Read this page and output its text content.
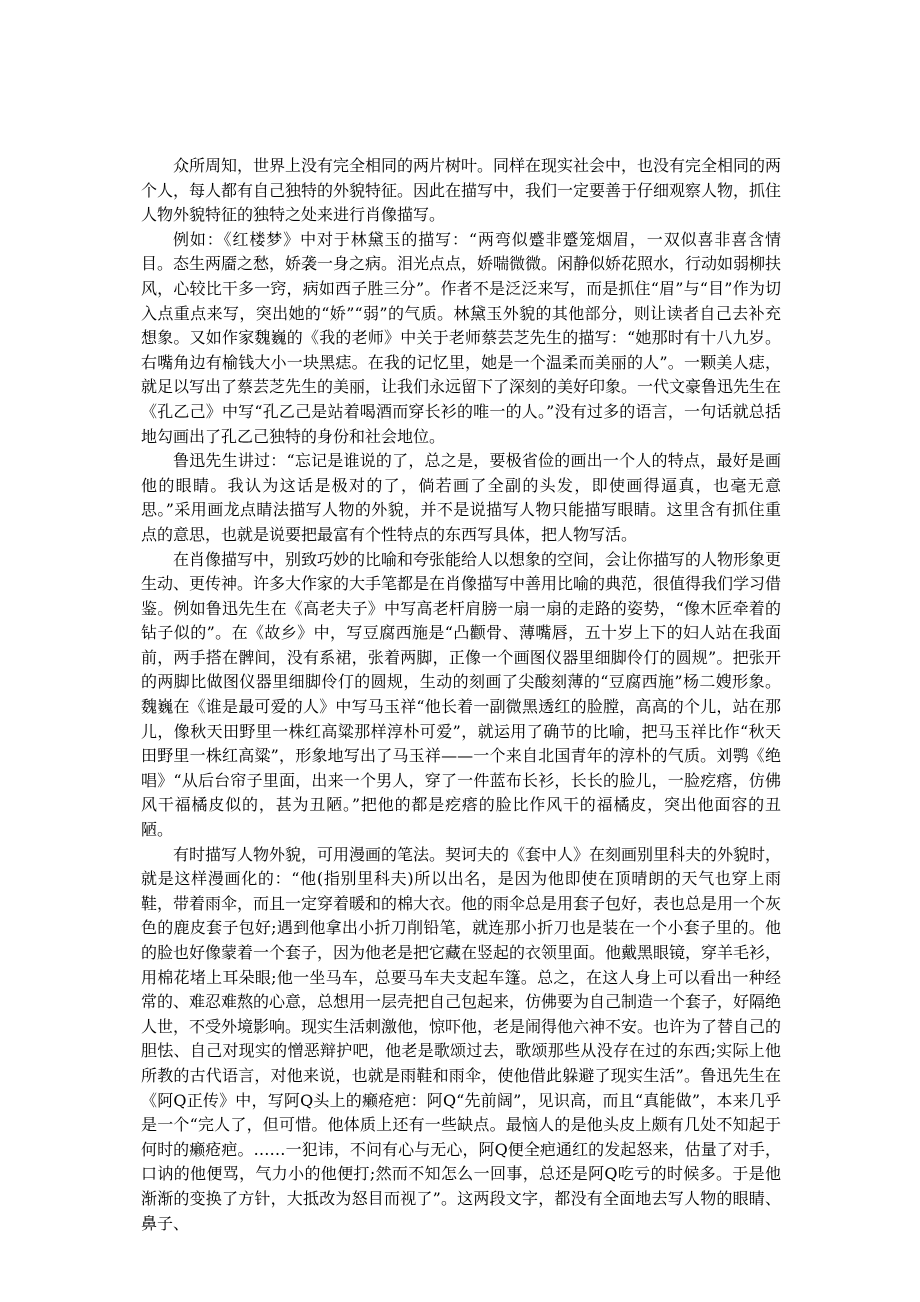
众所周知，世界上没有完全相同的两片树叶。同样在现实社会中，也没有完全相同的两个人，每人都有自己独特的外貌特征。因此在描写中，我们一定要善于仔细观察人物，抓住人物外貌特征的独特之处来进行肖像描写。

例如：《红楼梦》中对于林黛玉的描写：“两弯似蹙非蹙笼烟眉，一双似喜非喜含情目。态生两靥之愁，娇袭一身之病。泪光点点，娇喘微微。闲静似娇花照水，行动如弱柳扶风，心较比干多一窍，病如西子胜三分”。作者不是泛泛来写，而是抓住“眉”与“目”作为切入点重点来写，突出她的“娇”“弱”的气质。林黛玉外貌的其他部分，则让读者自己去补充想象。又如作家魏巍的《我的老师》中关于老师蔡芸芝先生的描写：“她那时有十八九岁。右嘴角边有榆钱大小一块黑痣。在我的记忆里，她是一个温柔而美丽的人”。一颗美人痣，就足以写出了蔡芸芝先生的美丽，让我们永远留下了深刻的美好印象。一代文豪鲁迅先生在《孔乙己》中写“孔乙己是站着喝酒而穿长衫的唯一的人。”没有过多的语言，一句话就总括地勾画出了孔乙己独特的身份和社会地位。

鲁迅先生讲过：“忘记是谁说的了，总之是，要极省俭的画出一个人的特点，最好是画他的眼睛。我认为这话是极对的了，倘若画了全副的头发，即使画得逼真，也毫无意思。”采用画龙点睛法描写人物的外貌，并不是说描写人物只能描写眼睛。这里含有抓住重点的意思，也就是说要把最富有个性特点的东西写具体，把人物写活。

在肖像描写中，别致巧妙的比喻和夸张能给人以想象的空间，会让你描写的人物形象更生动、更传神。许多大作家的大手笔都是在肖像描写中善用比喻的典范，很值得我们学习借鉴。例如鲁迅先生在《高老夫子》中写高老杆肩膀一扇一扇的走路的姿势，“像木匠牵着的钻子似的”。在《故乡》中，写豆腐西施是“凸颧骨、薄嘴唇，五十岁上下的妇人站在我面前，两手搭在髀间，没有系裙，张着两脚，正像一个画图仪器里细脚伶仃的圆规”。把张开的两脚比做图仪器里细脚伶仃的圆规，生动的刻画了尖酸刻薄的“豆腐西施”杨二嫂形象。魏巍在《谁是最可爱的人》中写马玉祥“他长着一副微黑透红的脸膛，高高的个儿，站在那儿，像秋天田野里一株红高粱那样淳朴可爱”，就运用了确节的比喻，把马玉祥比作“秋天田野里一株红高粱”，形象地写出了马玉祥——一个来自北国青年的淳朴的气质。刘鹗《绝唱》“从后台帘子里面，出来一个男人，穿了一件蓝布长衫，长长的脸儿，一脸疙瘩，仿佛风干福橘皮似的，甚为丑陋。”把他的都是疙瘩的脸比作风干的福橘皮，突出他面容的丑陋。

有时描写人物外貌，可用漫画的笔法。契诃夫的《套中人》在刻画别里科夫的外貌时，就是这样漫画化的：“他(指别里科夫)所以出名，是因为他即使在顶晴朗的天气也穿上雨鞋，带着雨伞，而且一定穿着暖和的棉大衣。他的雨伞总是用套子包好，表也总是用一个灰色的鹿皮套子包好;遇到他拿出小折刀削铅笔，就连那小折刀也是装在一个小套子里的。他的脸也好像蒙着一个套子，因为他老是把它藏在竖起的衣领里面。他戴黑眼镜，穿羊毛衫，用棉花堵上耳朵眼;他一坐马车，总要马车夫支起车篷。总之，在这人身上可以看出一种经常的、难忍难熬的心意，总想用一层壳把自己包起来，仿佛要为自己制造一个套子，好隔绝人世，不受外境影响。现实生活刺激他，惊吓他，老是闹得他六神不安。也许为了替自己的胆怯、自己对现实的憎恶辩护吧，他老是歌颂过去，歌颂那些从没存在过的东西;实际上他所教的古代语言，对他来说，也就是雨鞋和雨伞，使他借此躲避了现实生活”。鲁迅先生在《阿Q正传》中，写阿Q头上的癞疮疤：阿Q“先前阔”，见识高，而且“真能做”，本来几乎是一个“完人了，但可惜。他体质上还有一些缺点。最恼人的是他头皮上颇有几处不知起于何时的癞疮疤。……一犯讳，不问有心与无心，阿Q便全疤通红的发起怒来，估量了对手，口讷的他便骂，气力小的他便打;然而不知怎么一回事，总还是阿Q吃亏的时候多。于是他渐渐的变换了方针，大抵改为怒目而视了”。这两段文字，都没有全面地去写人物的眼睛、鼻子、
